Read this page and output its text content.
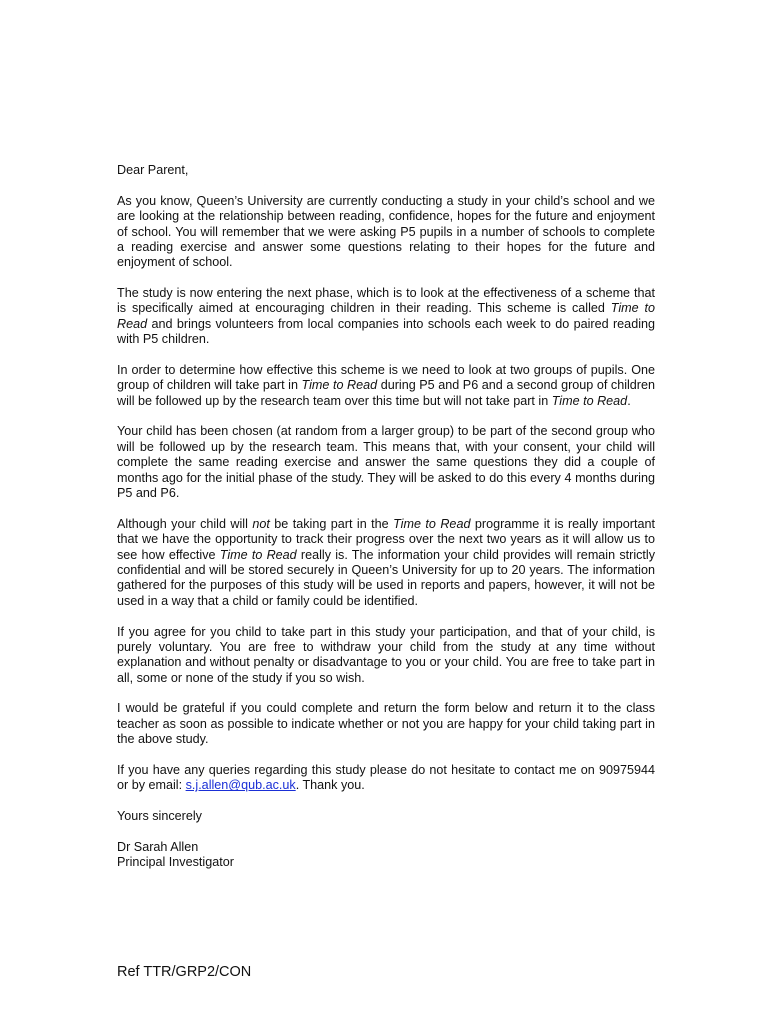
Dear Parent,

As you know, Queen’s University are currently conducting a study in your child’s school and we are looking at the relationship between reading, confidence, hopes for the future and enjoyment of school. You will remember that we were asking P5 pupils in a number of schools to complete a reading exercise and answer some questions relating to their hopes for the future and enjoyment of school.

The study is now entering the next phase, which is to look at the effectiveness of a scheme that is specifically aimed at encouraging children in their reading. This scheme is called Time to Read and brings volunteers from local companies into schools each week to do paired reading with P5 children.

In order to determine how effective this scheme is we need to look at two groups of pupils. One group of children will take part in Time to Read during P5 and P6 and a second group of children will be followed up by the research team over this time but will not take part in Time to Read.

Your child has been chosen (at random from a larger group) to be part of the second group who will be followed up by the research team. This means that, with your consent, your child will complete the same reading exercise and answer the same questions they did a couple of months ago for the initial phase of the study. They will be asked to do this every 4 months during P5 and P6.

Although your child will not be taking part in the Time to Read programme it is really important that we have the opportunity to track their progress over the next two years as it will allow us to see how effective Time to Read really is. The information your child provides will remain strictly confidential and will be stored securely in Queen’s University for up to 20 years. The information gathered for the purposes of this study will be used in reports and papers, however, it will not be used in a way that a child or family could be identified.

If you agree for you child to take part in this study your participation, and that of your child, is purely voluntary. You are free to withdraw your child from the study at any time without explanation and without penalty or disadvantage to you or your child. You are free to take part in all, some or none of the study if you so wish.

I would be grateful if you could complete and return the form below and return it to the class teacher as soon as possible to indicate whether or not you are happy for your child taking part in the above study.

If you have any queries regarding this study please do not hesitate to contact me on 90975944 or by email: s.j.allen@qub.ac.uk. Thank you.

Yours sincerely

Dr Sarah Allen

Principal Investigator

Ref TTR/GRP2/CON
